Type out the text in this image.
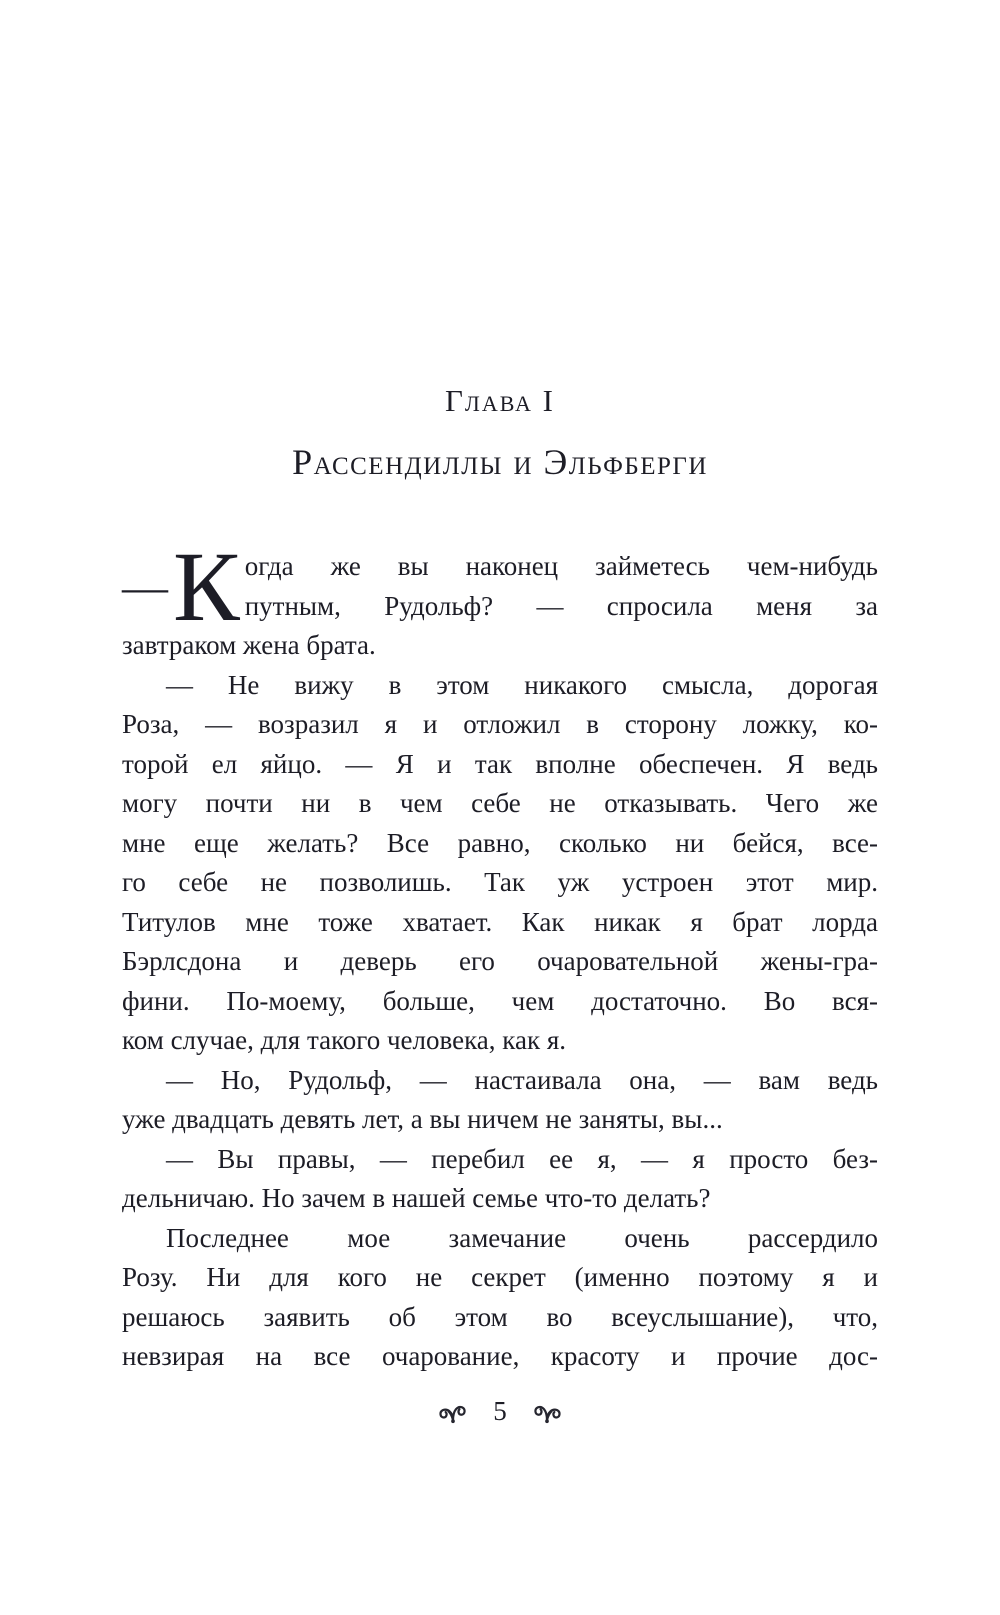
Глава I
Рассендиллы и Эльфберги
— К огда же вы наконец займетесь чем-нибудь
путным, Рудольф? — спросила меня за
завтраком жена брата.
— Не вижу в этом никакого смысла, дорогая
Роза, — возразил я и отложил в сторону ложку, ко-
торой ел яйцо. — Я и так вполне обеспечен. Я ведь
могу почти ни в чем себе не отказывать. Чего же
мне еще желать? Все равно, сколько ни бейся, все-
го себе не позволишь. Так уж устроен этот мир.
Титулов мне тоже хватает. Как никак я брат лорда
Бэрлсдона и деверь его очаровательной жены-гра-
фини. По-моему, больше, чем достаточно. Во вся-
ком случае, для такого человека, как я.
— Но, Рудольф, — настаивала она, — вам ведь
уже двадцать девять лет, а вы ничем не заняты, вы...
— Вы правы, — перебил ее я, — я просто без-
дельничаю. Но зачем в нашей семье что-то делать?
Последнее мое замечание очень рассердило
Розу. Ни для кого не секрет (именно поэтому я и
решаюсь заявить об этом во всеуслышание), что,
невзирая на все очарование, красоту и прочие дос-
5
